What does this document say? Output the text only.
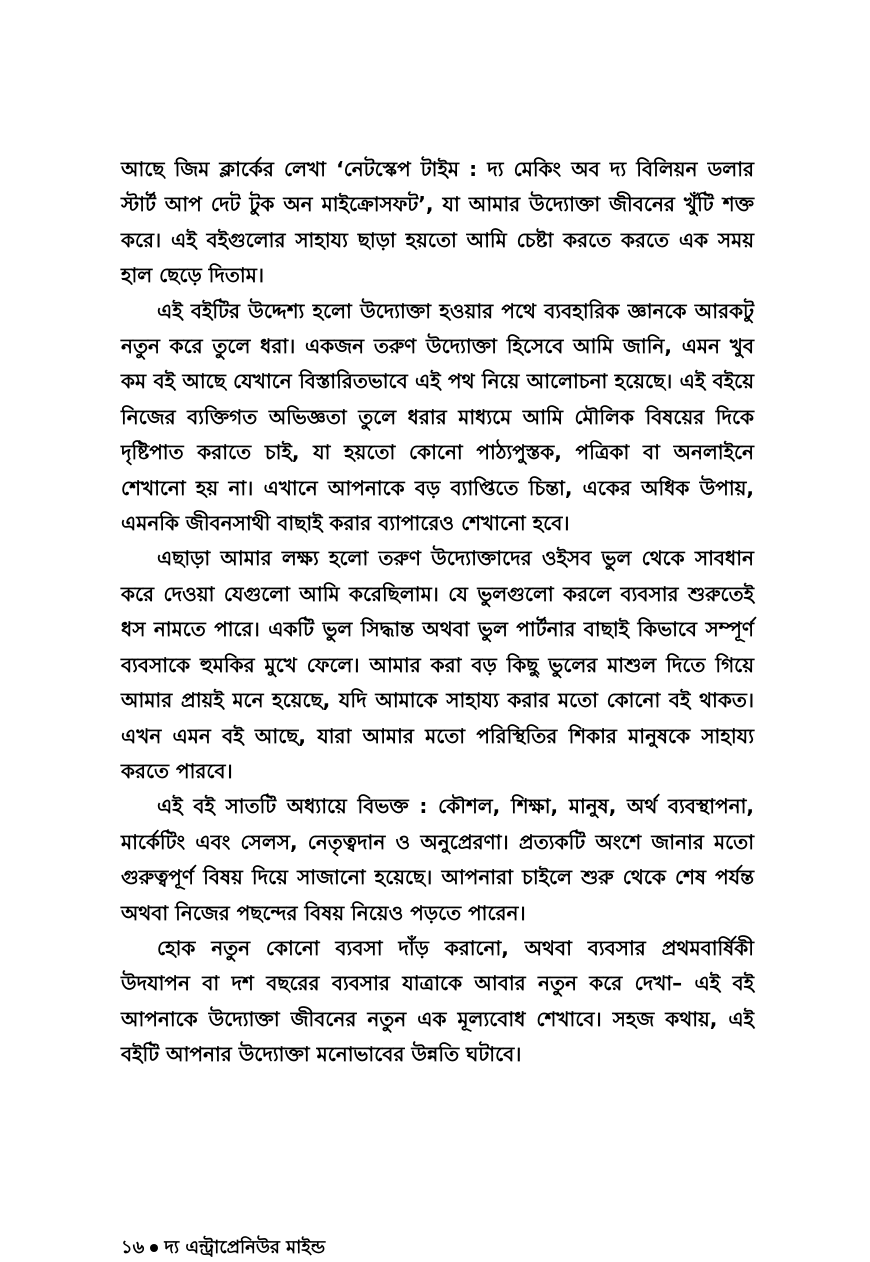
আছে জিম ক্লার্কের লেখা ‘নেটস্কেপ টাইম : দ্য মেকিং অব দ্য বিলিয়ন ডলার স্টার্ট আপ দেট টুক অন মাইক্রোসফট’, যা আমার উদ্যোক্তা জীবনের খুঁটি শক্ত করে। এই বইগুলোর সাহায্য ছাড়া হয়তো আমি চেষ্টা করতে করতে এক সময় হাল ছেড়ে দিতাম।

এই বইটির উদ্দেশ্য হলো উদ্যোক্তা হওয়ার পথে ব্যবহারিক জ্ঞানকে আরকটু নতুন করে তুলে ধরা। একজন তরুণ উদ্যোক্তা হিসেবে আমি জানি, এমন খুব কম বই আছে যেখানে বিস্তারিতভাবে এই পথ নিয়ে আলোচনা হয়েছে। এই বইয়ে নিজের ব্যক্তিগত অভিজ্ঞতা তুলে ধরার মাধ্যমে আমি মৌলিক বিষয়ের দিকে দৃষ্টিপাত করাতে চাই, যা হয়তো কোনো পাঠ্যপুস্তক, পত্রিকা বা অনলাইনে শেখানো হয় না। এখানে আপনাকে বড় ব্যাপ্তিতে চিন্তা, একের অধিক উপায়, এমনকি জীবনসাথী বাছাই করার ব্যাপারেও শেখানো হবে।

এছাড়া আমার লক্ষ্য হলো তরুণ উদ্যোক্তাদের ওইসব ভুল থেকে সাবধান করে দেওয়া যেগুলো আমি করেছিলাম। যে ভুলগুলো করলে ব্যবসার শুরুতেই ধস নামতে পারে। একটি ভুল সিদ্ধান্ত অথবা ভুল পার্টনার বাছাই কিভাবে সম্পূর্ণ ব্যবসাকে হুমকির মুখে ফেলে। আমার করা বড় কিছু ভুলের মাশুল দিতে গিয়ে আমার প্রায়ই মনে হয়েছে, যদি আমাকে সাহায্য করার মতো কোনো বই থাকত। এখন এমন বই আছে, যারা আমার মতো পরিস্থিতির শিকার মানুষকে সাহায্য করতে পারবে।

এই বই সাতটি অধ্যায়ে বিভক্ত : কৌশল, শিক্ষা, মানুষ, অর্থ ব্যবস্থাপনা, মার্কেটিং এবং সেলস, নেতৃত্বদান ও অনুপ্রেরণা। প্রত্যকটি অংশে জানার মতো গুরুত্বপূর্ণ বিষয় দিয়ে সাজানো হয়েছে। আপনারা চাইলে শুরু থেকে শেষ পর্যন্ত অথবা নিজের পছন্দের বিষয় নিয়েও পড়তে পারেন।

হোক নতুন কোনো ব্যবসা দাঁড় করানো, অথবা ব্যবসার প্রথমবার্ষিকী উদযাপন বা দশ বছরের ব্যবসার যাত্রাকে আবার নতুন করে দেখা– এই বই আপনাকে উদ্যোক্তা জীবনের নতুন এক মূল্যবোধ শেখাবে। সহজ কথায়, এই বইটি আপনার উদ্যোক্তা মনোভাবের উন্নতি ঘটাবে।

১৬ দ্য এন্ট্রাপ্রেনিউর মাইন্ড
